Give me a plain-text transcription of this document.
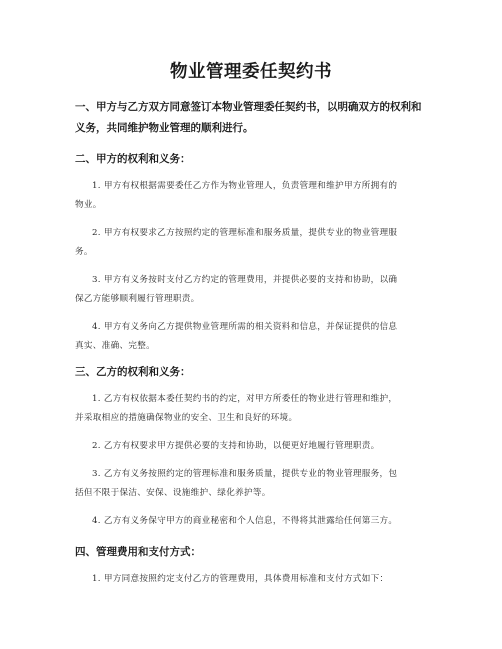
物业管理委任契约书
一、甲方与乙方双方同意签订本物业管理委任契约书，以明确双方的权利和
义务，共同维护物业管理的顺利进行。
二、甲方的权利和义务：
1. 甲方有权根据需要委任乙方作为物业管理人，负责管理和维护甲方所拥有的
物业。
2. 甲方有权要求乙方按照约定的管理标准和服务质量，提供专业的物业管理服
务。
3. 甲方有义务按时支付乙方约定的管理费用，并提供必要的支持和协助，以确
保乙方能够顺利履行管理职责。
4. 甲方有义务向乙方提供物业管理所需的相关资料和信息，并保证提供的信息
真实、准确、完整。
三、乙方的权利和义务：
1. 乙方有权依据本委任契约书的约定，对甲方所委任的物业进行管理和维护，
并采取相应的措施确保物业的安全、卫生和良好的环境。
2. 乙方有权要求甲方提供必要的支持和协助，以便更好地履行管理职责。
3. 乙方有义务按照约定的管理标准和服务质量，提供专业的物业管理服务，包
括但不限于保洁、安保、设施维护、绿化养护等。
4. 乙方有义务保守甲方的商业秘密和个人信息，不得将其泄露给任何第三方。
四、管理费用和支付方式：
1. 甲方同意按照约定支付乙方的管理费用，具体费用标准和支付方式如下：
